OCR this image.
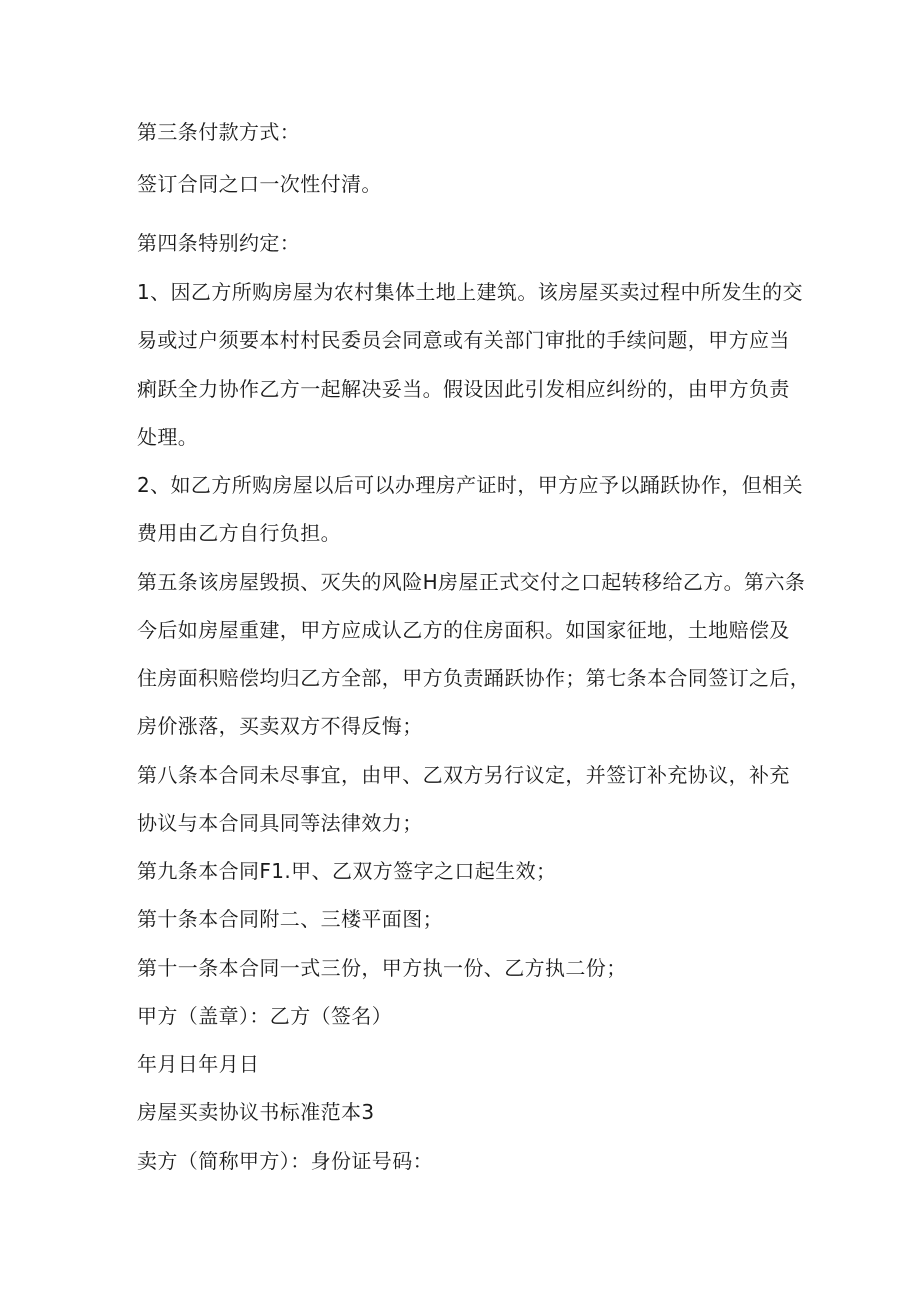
第三条付款方式：
签订合同之口一次性付清。
第四条特别约定：
1、因乙方所购房屋为农村集体土地上建筑。该房屋买卖过程中所发生的交
易或过户须要本村村民委员会同意或有关部门审批的手续问题，甲方应当
痢跃全力协作乙方一起解决妥当。假设因此引发相应纠纷的，由甲方负责
处理。
2、如乙方所购房屋以后可以办理房产证时，甲方应予以踊跃协作，但相关
费用由乙方自行负担。
第五条该房屋毁损、灭失的风险H房屋正式交付之口起转移给乙方。第六条
今后如房屋重建，甲方应成认乙方的住房面积。如国家征地，土地赔偿及
住房面积赔偿均归乙方全部，甲方负责踊跃协作；第七条本合同签订之后，
房价涨落，买卖双方不得反悔；
第八条本合同未尽事宜，由甲、乙双方另行议定，并签订补充协议，补充
协议与本合同具同等法律效力；
第九条本合同F1.甲、乙双方签字之口起生效；
第十条本合同附二、三楼平面图；
第十一条本合同一式三份，甲方执一份、乙方执二份；
甲方（盖章）：乙方（签名）
年月日年月日
房屋买卖协议书标准范本3
卖方（简称甲方）：身份证号码：
